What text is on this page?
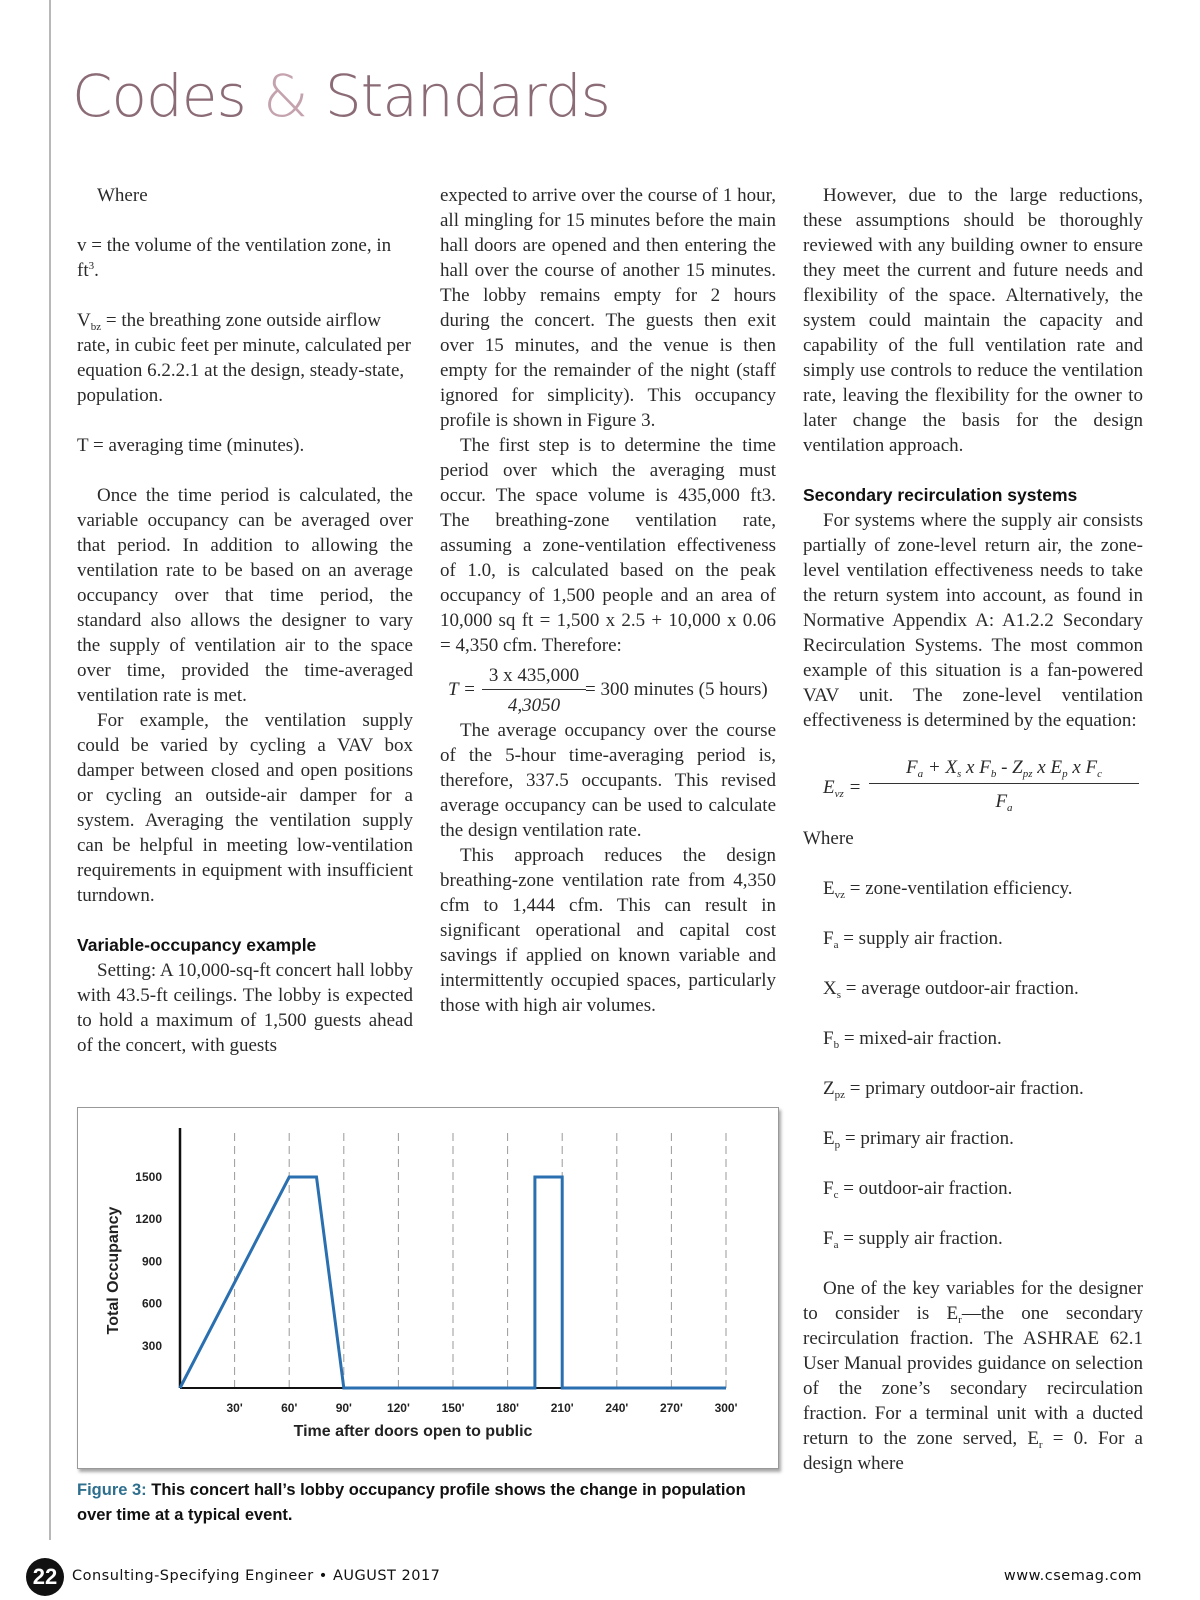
Codes & Standards
Where
v = the volume of the ventilation zone, in $ft^3$.
$V_{bz}$ = the breathing zone outside airflow rate, in cubic feet per minute, calculated per equation 6.2.2.1 at the design, steady-state, population.
T = averaging time (minutes).
Once the time period is calculated, the variable occupancy can be averaged over that period. In addition to allowing the ventilation rate to be based on an average occupancy over that time period, the standard also allows the designer to vary the supply of ventilation air to the space over time, provided the time-averaged ventilation rate is met.
For example, the ventilation supply could be varied by cycling a VAV box damper between closed and open positions or cycling an outside-air damper for a system. Averaging the ventilation supply can be helpful in meeting low-ventilation requirements in equipment with insufficient turndown.
Variable-occupancy example
Setting: A 10,000-sq-ft concert hall lobby with 43.5-ft ceilings. The lobby is expected to hold a maximum of 1,500 guests ahead of the concert, with guests
expected to arrive over the course of 1 hour, all mingling for 15 minutes before the main hall doors are opened and then entering the hall over the course of another 15 minutes. The lobby remains empty for 2 hours during the concert. The guests then exit over 15 minutes, and the venue is then empty for the remainder of the night (staff ignored for simplicity). This occupancy profile is shown in Figure 3.
The first step is to determine the time period over which the averaging must occur. The space volume is 435,000 ft3. The breathing-zone ventilation rate, assuming a zone-ventilation effectiveness of 1.0, is calculated based on the peak occupancy of 1,500 people and an area of 10,000 sq ft = 1,500 x 2.5 + 10,000 x 0.06 = 4,350 cfm. Therefore:
T =
3 x 435,000
4,3050
= 300 minutes (5 hours)
The average occupancy over the course of the 5-hour time-averaging period is, therefore, 337.5 occupants. This revised average occupancy can be used to calculate the design ventilation rate.
This approach reduces the design breathing-zone ventilation rate from 4,350 cfm to 1,444 cfm. This can result in significant operational and capital cost savings if applied on known variable and intermittently occupied spaces, particularly those with high air volumes.
However, due to the large reductions, these assumptions should be thoroughly reviewed with any building owner to ensure they meet the current and future needs and flexibility of the space. Alternatively, the system could maintain the capacity and capability of the full ventilation rate and simply use controls to reduce the ventilation rate, leaving the flexibility for the owner to later change the basis for the design ventilation approach.
Secondary recirculation systems
For systems where the supply air consists partially of zone-level return air, the zone-level ventilation effectiveness needs to take the return system into account, as found in Normative Appendix A: A1.2.2 Secondary Recirculation Systems. The most common example of this situation is a fan-powered VAV unit. The zone-level ventilation effectiveness is determined by the equation:
$E_{vz}$ =
$F_a + X_s$ x $F_b - Z_{pz}$ x $E_p$ x $F_c$
$F_a$
Where
$E_{vz}$ = zone-ventilation efficiency.
$F_a$ = supply air fraction.
$X_s$ = average outdoor-air fraction.
$F_b$ = mixed-air fraction.
$Z_{pz}$ = primary outdoor-air fraction.
$E_p$ = primary air fraction.
$F_c$ = outdoor-air fraction.
$F_a$ = supply air fraction.
One of the key variables for the designer to consider is $E_r—the$ one secondary recirculation fraction. The ASHRAE 62.1 User Manual provides guidance on selection of the zone’s secondary recirculation fraction. For a terminal unit with a ducted return to the zone served, $E_r = 0$. For a design where
30'	60'	90'	120'	150'	180'	210'	240'	270'	300'
300
600
900
1200
1500
Time after doors open to public
Total Occupancy
Figure 3: This concert hall’s lobby occupancy profile shows the change in population over time at a typical event.
22	Consulting-Specifying Engineer • AUGUST 2017	www.csemag.com
